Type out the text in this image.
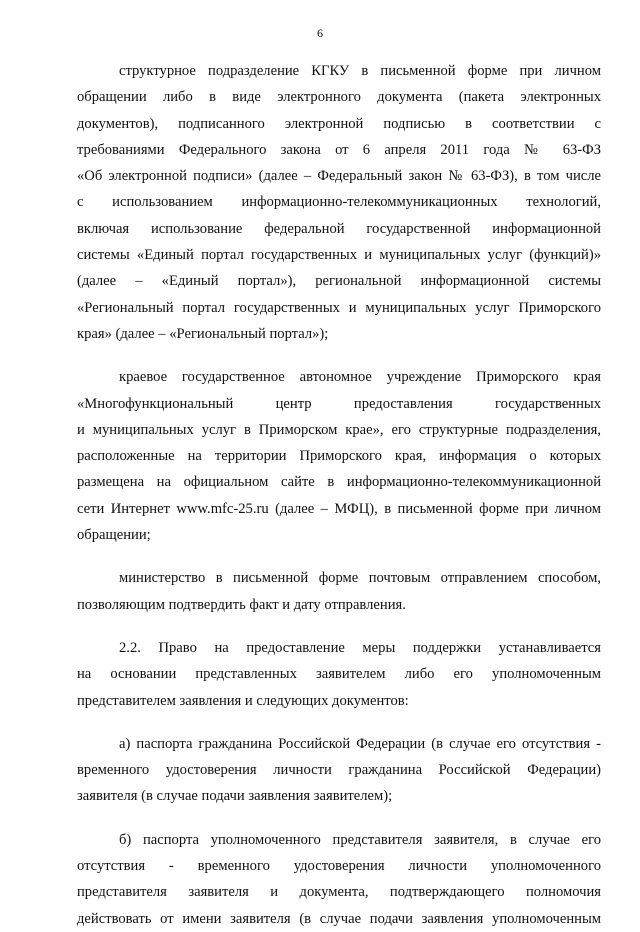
6
структурное подразделение КГКУ в письменной форме при личном
обращении либо в виде электронного документа (пакета электронных
документов), подписанного электронной подписью в соответствии с
требованиями Федерального закона от 6 апреля 2011 года № 63-ФЗ
«Об электронной подписи» (далее – Федеральный закон № 63-ФЗ), в том числе
с использованием информационно-телекоммуникационных технологий,
включая использование федеральной государственной информационной
системы «Единый портал государственных и муниципальных услуг (функций)»
(далее – «Единый портал»), региональной информационной системы
«Региональный портал государственных и муниципальных услуг Приморского
края» (далее – «Региональный портал»);
краевое государственное автономное учреждение Приморского края
«Многофункциональный центр предоставления государственных
и муниципальных услуг в Приморском крае», его структурные подразделения,
расположенные на территории Приморского края, информация о которых
размещена на официальном сайте в информационно-телекоммуникационной
сети Интернет www.mfc-25.ru (далее – МФЦ), в письменной форме при личном
обращении;
министерство в письменной форме почтовым отправлением способом,
позволяющим подтвердить факт и дату отправления.
2.2. Право на предоставление меры поддержки устанавливается
на основании представленных заявителем либо его уполномоченным
представителем заявления и следующих документов:
а) паспорта гражданина Российской Федерации (в случае его отсутствия -
временного удостоверения личности гражданина Российской Федерации)
заявителя (в случае подачи заявления заявителем);
б) паспорта уполномоченного представителя заявителя, в случае его
отсутствия - временного удостоверения личности уполномоченного
представителя заявителя и документа, подтверждающего полномочия
действовать от имени заявителя (в случае подачи заявления уполномоченным
